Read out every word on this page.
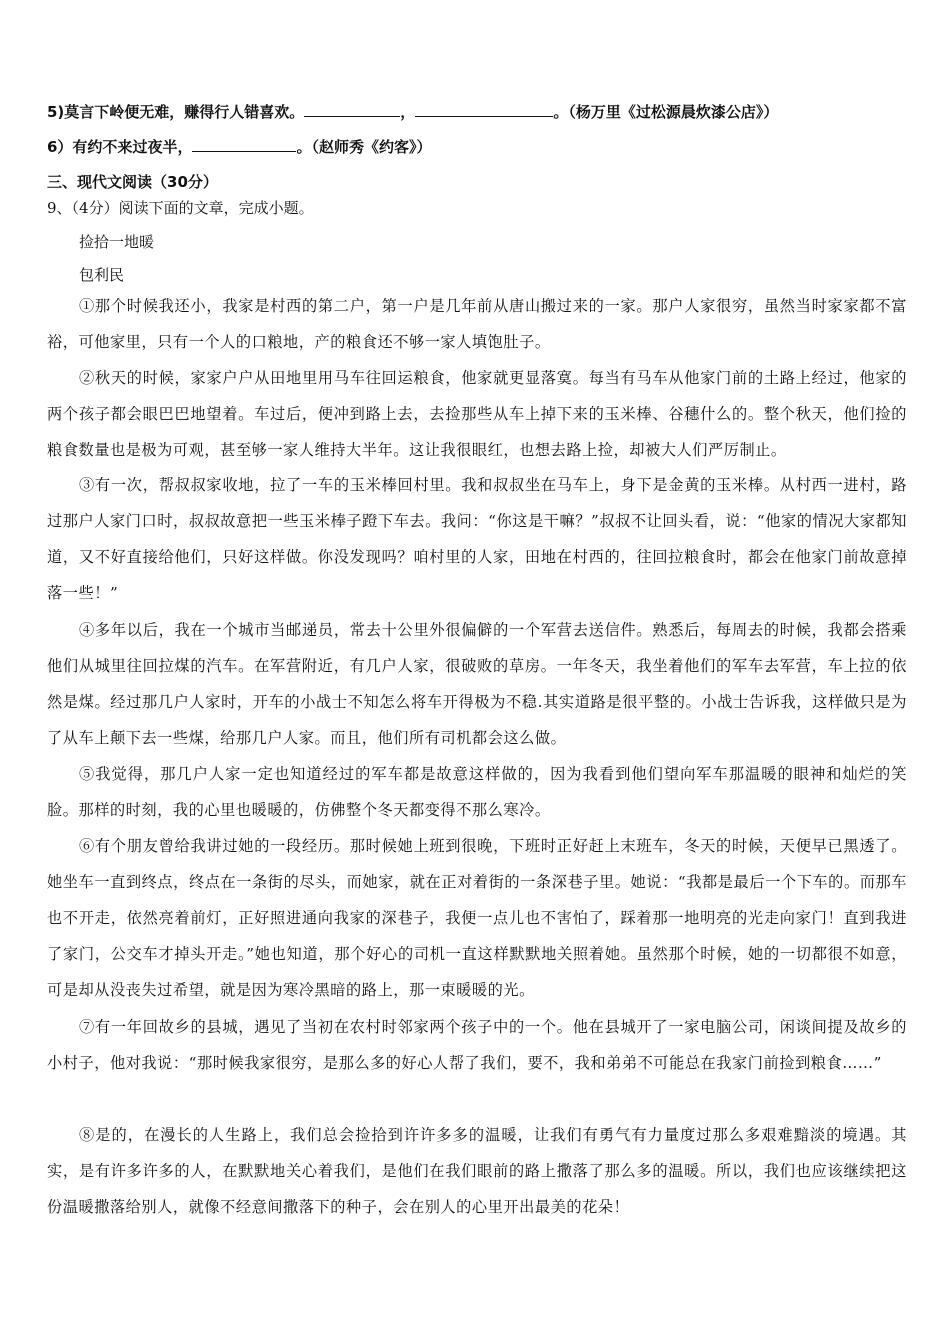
5)莫言下岭便无难，赚得行人错喜欢。	，	。（杨万里《过松源晨炊漆公店》）
6）有约不来过夜半，	。（赵师秀《约客》）
三、现代文阅读（30分）
9、（4分）阅读下面的文章，完成小题。
捡拾一地暖
包利民
①那个时候我还小，我家是村西的第二户，第一户是几年前从唐山搬过来的一家。那户人家很穷，虽然当时家家都不富裕，可他家里，只有一个人的口粮地，产的粮食还不够一家人填饱肚子。
②秋天的时候，家家户户从田地里用马车往回运粮食，他家就更显落寞。每当有马车从他家门前的土路上经过，他家的两个孩子都会眼巴巴地望着。车过后，便冲到路上去，去捡那些从车上掉下来的玉米棒、谷穗什么的。整个秋天，他们捡的粮食数量也是极为可观，甚至够一家人维持大半年。这让我很眼红，也想去路上捡，却被大人们严厉制止。
③有一次，帮叔叔家收地，拉了一车的玉米棒回村里。我和叔叔坐在马车上，身下是金黄的玉米棒。从村西一进村，路过那户人家门口时，叔叔故意把一些玉米棒子蹬下车去。我问：“你这是干嘛？”叔叔不让回头看，说：“他家的情况大家都知道，又不好直接给他们，只好这样做。你没发现吗？咱村里的人家，田地在村西的，往回拉粮食时，都会在他家门前故意掉落一些！”
④多年以后，我在一个城市当邮递员，常去十公里外很偏僻的一个军营去送信件。熟悉后，每周去的时候，我都会搭乘他们从城里往回拉煤的汽车。在军营附近，有几户人家，很破败的草房。一年冬天，我坐着他们的军车去军营，车上拉的依然是煤。经过那几户人家时，开车的小战士不知怎么将车开得极为不稳.其实道路是很平整的。小战士告诉我，这样做只是为了从车上颠下去一些煤，给那几户人家。而且，他们所有司机都会这么做。
⑤我觉得，那几户人家一定也知道经过的军车都是故意这样做的，因为我看到他们望向军车那温暖的眼神和灿烂的笑脸。那样的时刻，我的心里也暖暖的，仿佛整个冬天都变得不那么寒冷。
⑥有个朋友曾给我讲过她的一段经历。那时候她上班到很晚，下班时正好赶上末班车，冬天的时候，天便早已黑透了。她坐车一直到终点，终点在一条街的尽头，而她家，就在正对着街的一条深巷子里。她说：“我都是最后一个下车的。而那车也不开走，依然亮着前灯，正好照进通向我家的深巷子，我便一点儿也不害怕了，踩着那一地明亮的光走向家门！直到我进了家门，公交车才掉头开走。”她也知道，那个好心的司机一直这样默默地关照着她。虽然那个时候，她的一切都很不如意，可是却从没丧失过希望，就是因为寒冷黑暗的路上，那一束暖暖的光。
⑦有一年回故乡的县城，遇见了当初在农村时邻家两个孩子中的一个。他在县城开了一家电脑公司，闲谈间提及故乡的小村子，他对我说：“那时候我家很穷，是那么多的好心人帮了我们，要不，我和弟弟不可能总在我家门前捡到粮食……”
⑧是的，在漫长的人生路上，我们总会捡拾到许许多多的温暖，让我们有勇气有力量度过那么多艰难黯淡的境遇。其实，是有许多许多的人，在默默地关心着我们，是他们在我们眼前的路上撒落了那么多的温暖。所以，我们也应该继续把这份温暖撒落给别人，就像不经意间撒落下的种子，会在别人的心里开出最美的花朵！
